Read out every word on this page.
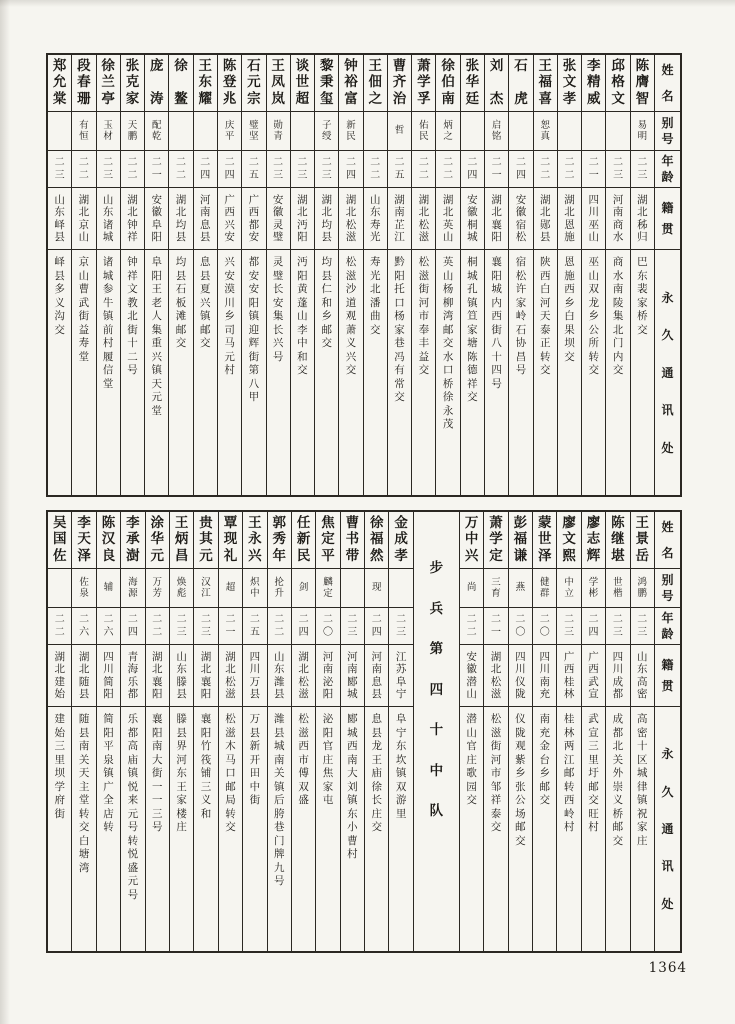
姓
名
别
号
年
龄
籍
贯
永
久
通
讯
处
陈
膺
智
易
明
二
三
湖
北
秭
归
巴
东
裴
家
桥
交
邱
格
文
二
三
河
南
商
水
商
水
南
陵
集
北
门
内
交
李
精
威
二
一
四
川
巫
山
巫
山
双
龙
乡
公
所
转
交
张
文
孝
二
二
湖
北
恩
施
恩
施
西
乡
白
果
坝
交
王
福
喜
恕
真
二
二
湖
北
郧
县
陕
西
白
河
天
泰
正
转
交
石
虎
二
四
安
徽
宿
松
宿
松
许
家
岭
石
协
昌
号
刘
杰
启
铭
二
一
湖
北
襄
阳
襄
阳
城
内
西
街
八
十
四
号
张
华
廷
二
四
安
徽
桐
城
桐
城
孔
镇
笪
家
塘
陈
德
祥
交
徐
伯
南
炳
之
二
二
湖
北
英
山
英
山
杨
柳
湾
邮
交
水
口
桥
徐
永
茂
萧
学
孚
佑
民
二
二
湖
北
松
滋
松
滋
街
河
市
奉
丰
益
交
曹
齐
治
哲
二
五
湖
南
芷
江
黔
阳
托
口
杨
家
巷
冯
有
常
交
王
佃
之
二
二
山
东
寿
光
寿
光
北
潘
曲
交
钟
裕
富
新
民
二
四
湖
北
松
滋
松
滋
沙
道
观
萧
义
兴
交
黎
秉
玺
子
绶
二
三
湖
北
均
县
均
县
仁
和
乡
邮
交
谈
世
超
二
三
湖
北
沔
阳
沔
阳
黄
蓬
山
李
中
和
交
王
凤
岚
勋
青
二
三
安
徽
灵
璧
灵
璧
长
安
集
长
兴
号
石
元
宗
璧
坚
二
五
广
西
都
安
都
安
安
阳
镇
迎
辉
街
第
八
甲
陈
登
兆
庆
平
二
四
广
西
兴
安
兴
安
漠
川
乡
司
马
元
村
王
东
耀
二
四
河
南
息
县
息
县
夏
兴
镇
邮
交
徐
鳌
二
二
湖
北
均
县
均
县
石
板
滩
邮
交
庞
涛
配
乾
二
一
安
徽
阜
阳
阜
阳
王
老
人
集
重
兴
镇
天
元
堂
张
克
家
天
鹏
二
二
湖
北
钟
祥
钟
祥
文
教
北
街
十
二
号
徐
兰
亭
玉
材
二
三
山
东
诸
城
诸
城
参
牛
镇
前
村
履
信
堂
段
春
珊
有
恒
二
二
湖
北
京
山
京
山
曹
武
街
益
寿
堂
郑
允
棠
二
三
山
东
峄
县
峄
县
多
义
沟
交
姓
名
别
号
年
龄
籍
贯
永
久
通
讯
处
王
景
岳
鸿
鹏
二
三
山
东
高
密
高
密
十
区
城
律
镇
祝
家
庄
陈
继
堪
世
楷
二
三
四
川
成
都
成
都
北
关
外
崇
义
桥
邮
交
廖
志
辉
学
彬
二
四
广
西
武
宣
武
宣
三
里
圩
邮
交
旺
村
廖
文
熙
中
立
二
三
广
西
桂
林
桂
林
两
江
邮
转
西
岭
村
蒙
世
泽
健
群
二
〇
四
川
南
充
南
充
金
台
乡
邮
交
彭
福
谦
燕
二
〇
四
川
仪
陇
仪
陇
观
紫
乡
张
公
场
邮
交
萧
学
定
三
育
二
一
湖
北
松
滋
松
滋
街
河
市
邹
祥
泰
交
万
中
兴
尚
二
二
安
徽
潜
山
潜
山
官
庄
歌
园
交
步
兵
第
四
十
中
队
金
成
孝
二
三
江
苏
阜
宁
阜
宁
东
坎
镇
双
游
里
徐
福
然
现
二
四
河
南
息
县
息
县
龙
王
庙
徐
长
庄
交
曹
书
带
二
三
河
南
郾
城
郾
城
西
南
大
刘
镇
东
小
曹
村
焦
定
平
麟
定
二
〇
河
南
泌
阳
泌
阳
官
庄
焦
家
屯
任
新
民
剑
二
四
湖
北
松
滋
松
滋
西
市
傅
双
盛
郭
秀
年
抡
升
二
二
山
东
潍
县
潍
县
城
南
关
镇
后
胯
巷
门
牌
九
号
王
永
兴
炽
中
二
五
四
川
万
县
万
县
新
开
田
中
街
覃
现
礼
超
二
一
湖
北
松
滋
松
滋
木
马
口
邮
局
转
交
贵
其
元
汉
江
二
三
湖
北
襄
阳
襄
阳
竹
筏
铺
三
义
和
王
炳
昌
焕
彪
二
三
山
东
滕
县
滕
县
界
河
东
王
家
楼
庄
涂
华
元
万
芳
二
二
湖
北
襄
阳
襄
阳
南
大
街
一
一
三
号
李
承
澍
海
源
二
四
青
海
乐
都
乐
都
高
庙
镇
悦
来
元
号
转
悦
盛
元
号
陈
汉
良
辅
二
六
四
川
简
阳
简
阳
平
泉
镇
广
全
店
转
李
天
泽
佐
泉
二
六
湖
北
随
县
随
县
南
关
天
主
堂
转
交
白
塘
湾
吴
国
佐
二
二
湖
北
建
始
建
始
三
里
坝
学
府
街
1364
